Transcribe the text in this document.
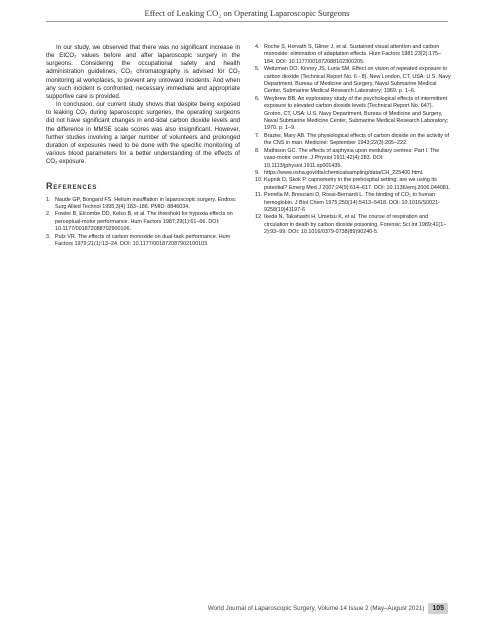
Effect of Leaking CO₂ on Operating Laparoscopic Surgeons

In our study, we observed that there was no significant increase in the EtCO₂ values before and after laparoscopic surgery in the surgeons. Considering the occupational safety and health administration guidelines, CO₂ chromatography is advised for CO₂ monitoring at workplaces, to prevent any untoward incidents. And when any such incident is confronted, necessary immediate and appropriate supportive care is provided.

In conclusion, our current study shows that despite being exposed to leaking CO₂ during laparoscopic surgeries, the operating surgeons did not have significant changes in end-tidal carbon dioxide levels and the difference in MMSE scale scores was also insignificant. However, further studies involving a larger number of volunteers and prolonged duration of exposures need to be done with the specific monitoring of various blood parameters for a better understanding of the effects of CO₂ exposure.

References
1. Naude GP, Bongard FS. Helium insufflation in laparoscopic surgery. Endosc Surg Allied Technol 1995;3(4):183–186. PMID: 8846034.
2. Fowler B, Elcombe DD, Kelso B, et al. The threshold for hypoxia effects on perceptual-motor performance. Hum Factors 1987;29(1):61–66. DOI: 10.1177/001872088702900106.
3. Putz VR. The effects of carbon monoxide on dual-task performance. Hum Factors 1979;21(1):13–24. DOI: 10.1177/001872087902100103.
4. Roche S, Horvath S, Gliner J, et al. Sustained visual attention and carbon monoxide: elimination of adaptation effects. Hum Factors 1981;23(2):175–184. DOI: 10.1177/001872088102300205.
5. Weitzman DO, Kinney JS, Luria SM. Effect on vision of repeated exposure to carbon dioxide (Technical Report No. 6 - 8). New London, CT, USA: U.S. Navy Department, Bureau of Medicine and Surgery, Naval Submarine Medical Center, Submarine Medical Research Laboratory; 1969. p. 1–6.
6. Weybrew BB. An exploratory study of the psychological effects of intermittent exposure to elevated carbon dioxide levels (Technical Report No. 647). Groton, CT, USA: U.S. Navy Department, Bureau of Medicine and Surgery, Naval Submarine Medicine Center, Submarine Medical Research Laboratory; 1970. p. 1–9.
7. Brazier, Mary AB. The physiological effects of carbon dioxide on the activity of the CNS in man. Medicine: September 1943;22(3):205–222.
8. Mathison GC. The effects of asphyxia upon medullary centres: Part I. The vaso-motor centre. J Physiol 1911;42(4):283. DOI: 10.1113/jphysiol.1911.sp001435.
9. https://www.osha.gov/dts/chemicalsampling/data/CH_225400.html.
10. Kupnik D, Skok P. capnometry in the prehospital setting: are we using its potential? Emerg Med J 2007;24(9):614–617. DOI: 10.1136/emj.2006.044081.
11. Perrella M, Bresciani D, Rossi-Bernardi L. The binding of CO₂ to human hemoglobin. J Biol Chem 1975;250(14):5413–5418. DOI: 10.1016/S0021-9258(19)41197-6
12. Ikeda N, Takahashi H, Umetsu K, et al. The course of respiration and circulation in death by carbon dioxide poisoning. Forensic Sci Int 1989;41(1–2):93–99. DOI: 10.1016/0379-0738(89)90240-5.
World Journal of Laparoscopic Surgery, Volume 14 Issue 2 (May–August 2021)	105
